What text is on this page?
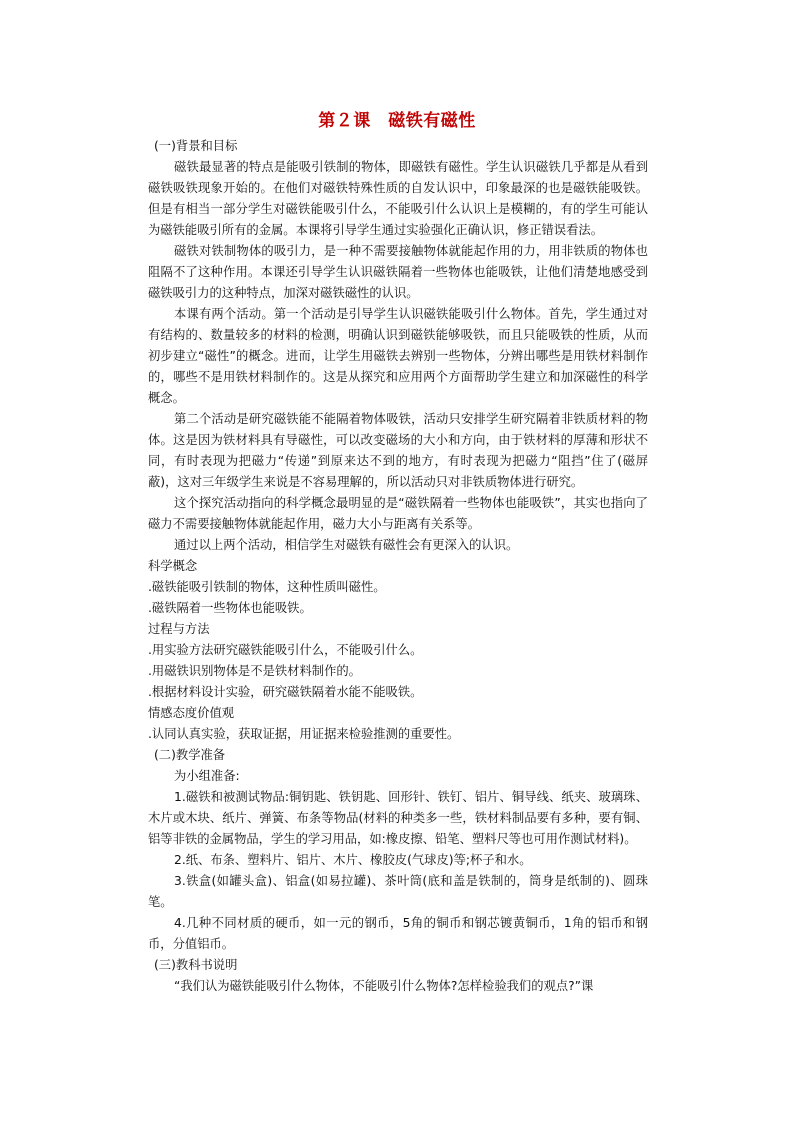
第２课　磁铁有磁性

(一)背景和目标

磁铁最显著的特点是能吸引铁制的物体，即磁铁有磁性。学生认识磁铁几乎都是从看到磁铁吸铁现象开始的。在他们对磁铁特殊性质的自发认识中，印象最深的也是磁铁能吸铁。但是有相当一部分学生对磁铁能吸引什么，不能吸引什么认识上是模糊的，有的学生可能认为磁铁能吸引所有的金属。本课将引导学生通过实验强化正确认识，修正错误看法。

磁铁对铁制物体的吸引力，是一种不需要接触物体就能起作用的力，用非铁质的物体也阻隔不了这种作用。本课还引导学生认识磁铁隔着一些物体也能吸铁，让他们清楚地感受到磁铁吸引力的这种特点，加深对磁铁磁性的认识。

本课有两个活动。第一个活动是引导学生认识磁铁能吸引什么物体。首先，学生通过对有结构的、数量较多的材料的检测，明确认识到磁铁能够吸铁，而且只能吸铁的性质，从而初步建立“磁性”的概念。进而，让学生用磁铁去辨别一些物体，分辨出哪些是用铁材料制作的，哪些不是用铁材料制作的。这是从探究和应用两个方面帮助学生建立和加深磁性的科学概念。

第二个活动是研究磁铁能不能隔着物体吸铁，活动只安排学生研究隔着非铁质材料的物体。这是因为铁材料具有导磁性，可以改变磁场的大小和方向，由于铁材料的厚薄和形状不同，有时表现为把磁力“传递”到原来达不到的地方，有时表现为把磁力“阻挡”住了(磁屏蔽)，这对三年级学生来说是不容易理解的，所以活动只对非铁质物体进行研究。

这个探究活动指向的科学概念最明显的是“磁铁隔着一些物体也能吸铁”，其实也指向了磁力不需要接触物体就能起作用，磁力大小与距离有关系等。

通过以上两个活动，相信学生对磁铁有磁性会有更深入的认识。

科学概念

.磁铁能吸引铁制的物体，这种性质叫磁性。

.磁铁隔着一些物体也能吸铁。

过程与方法

.用实验方法研究磁铁能吸引什么，不能吸引什么。

.用磁铁识别物体是不是铁材料制作的。

.根据材料设计实验，研究磁铁隔着水能不能吸铁。

情感态度价值观

.认同认真实验，获取证据，用证据来检验推测的重要性。

(二)教学准备

为小组准备:

1.磁铁和被测试物品:铜钥匙、铁钥匙、回形针、铁钉、铝片、铜导线、纸夹、玻璃珠、木片或木块、纸片、弹簧、布条等物品(材料的种类多一些，铁材料制品要有多种，要有铜、铝等非铁的金属物品，学生的学习用品，如:橡皮擦、铅笔、塑料尺等也可用作测试材料)。

2.纸、布条、塑料片、铝片、木片、橡胶皮(气球皮)等;杯子和水。

3.铁盒(如罐头盒)、铝盒(如易拉罐)、茶叶筒(底和盖是铁制的，筒身是纸制的)、圆珠笔。

4.几种不同材质的硬币，如一元的钢币，5角的铜币和钢芯镀黄铜币，1角的铝币和钢币，分值铝币。

(三)教科书说明

“我们认为磁铁能吸引什么物体，不能吸引什么物体?怎样检验我们的观点?”课
